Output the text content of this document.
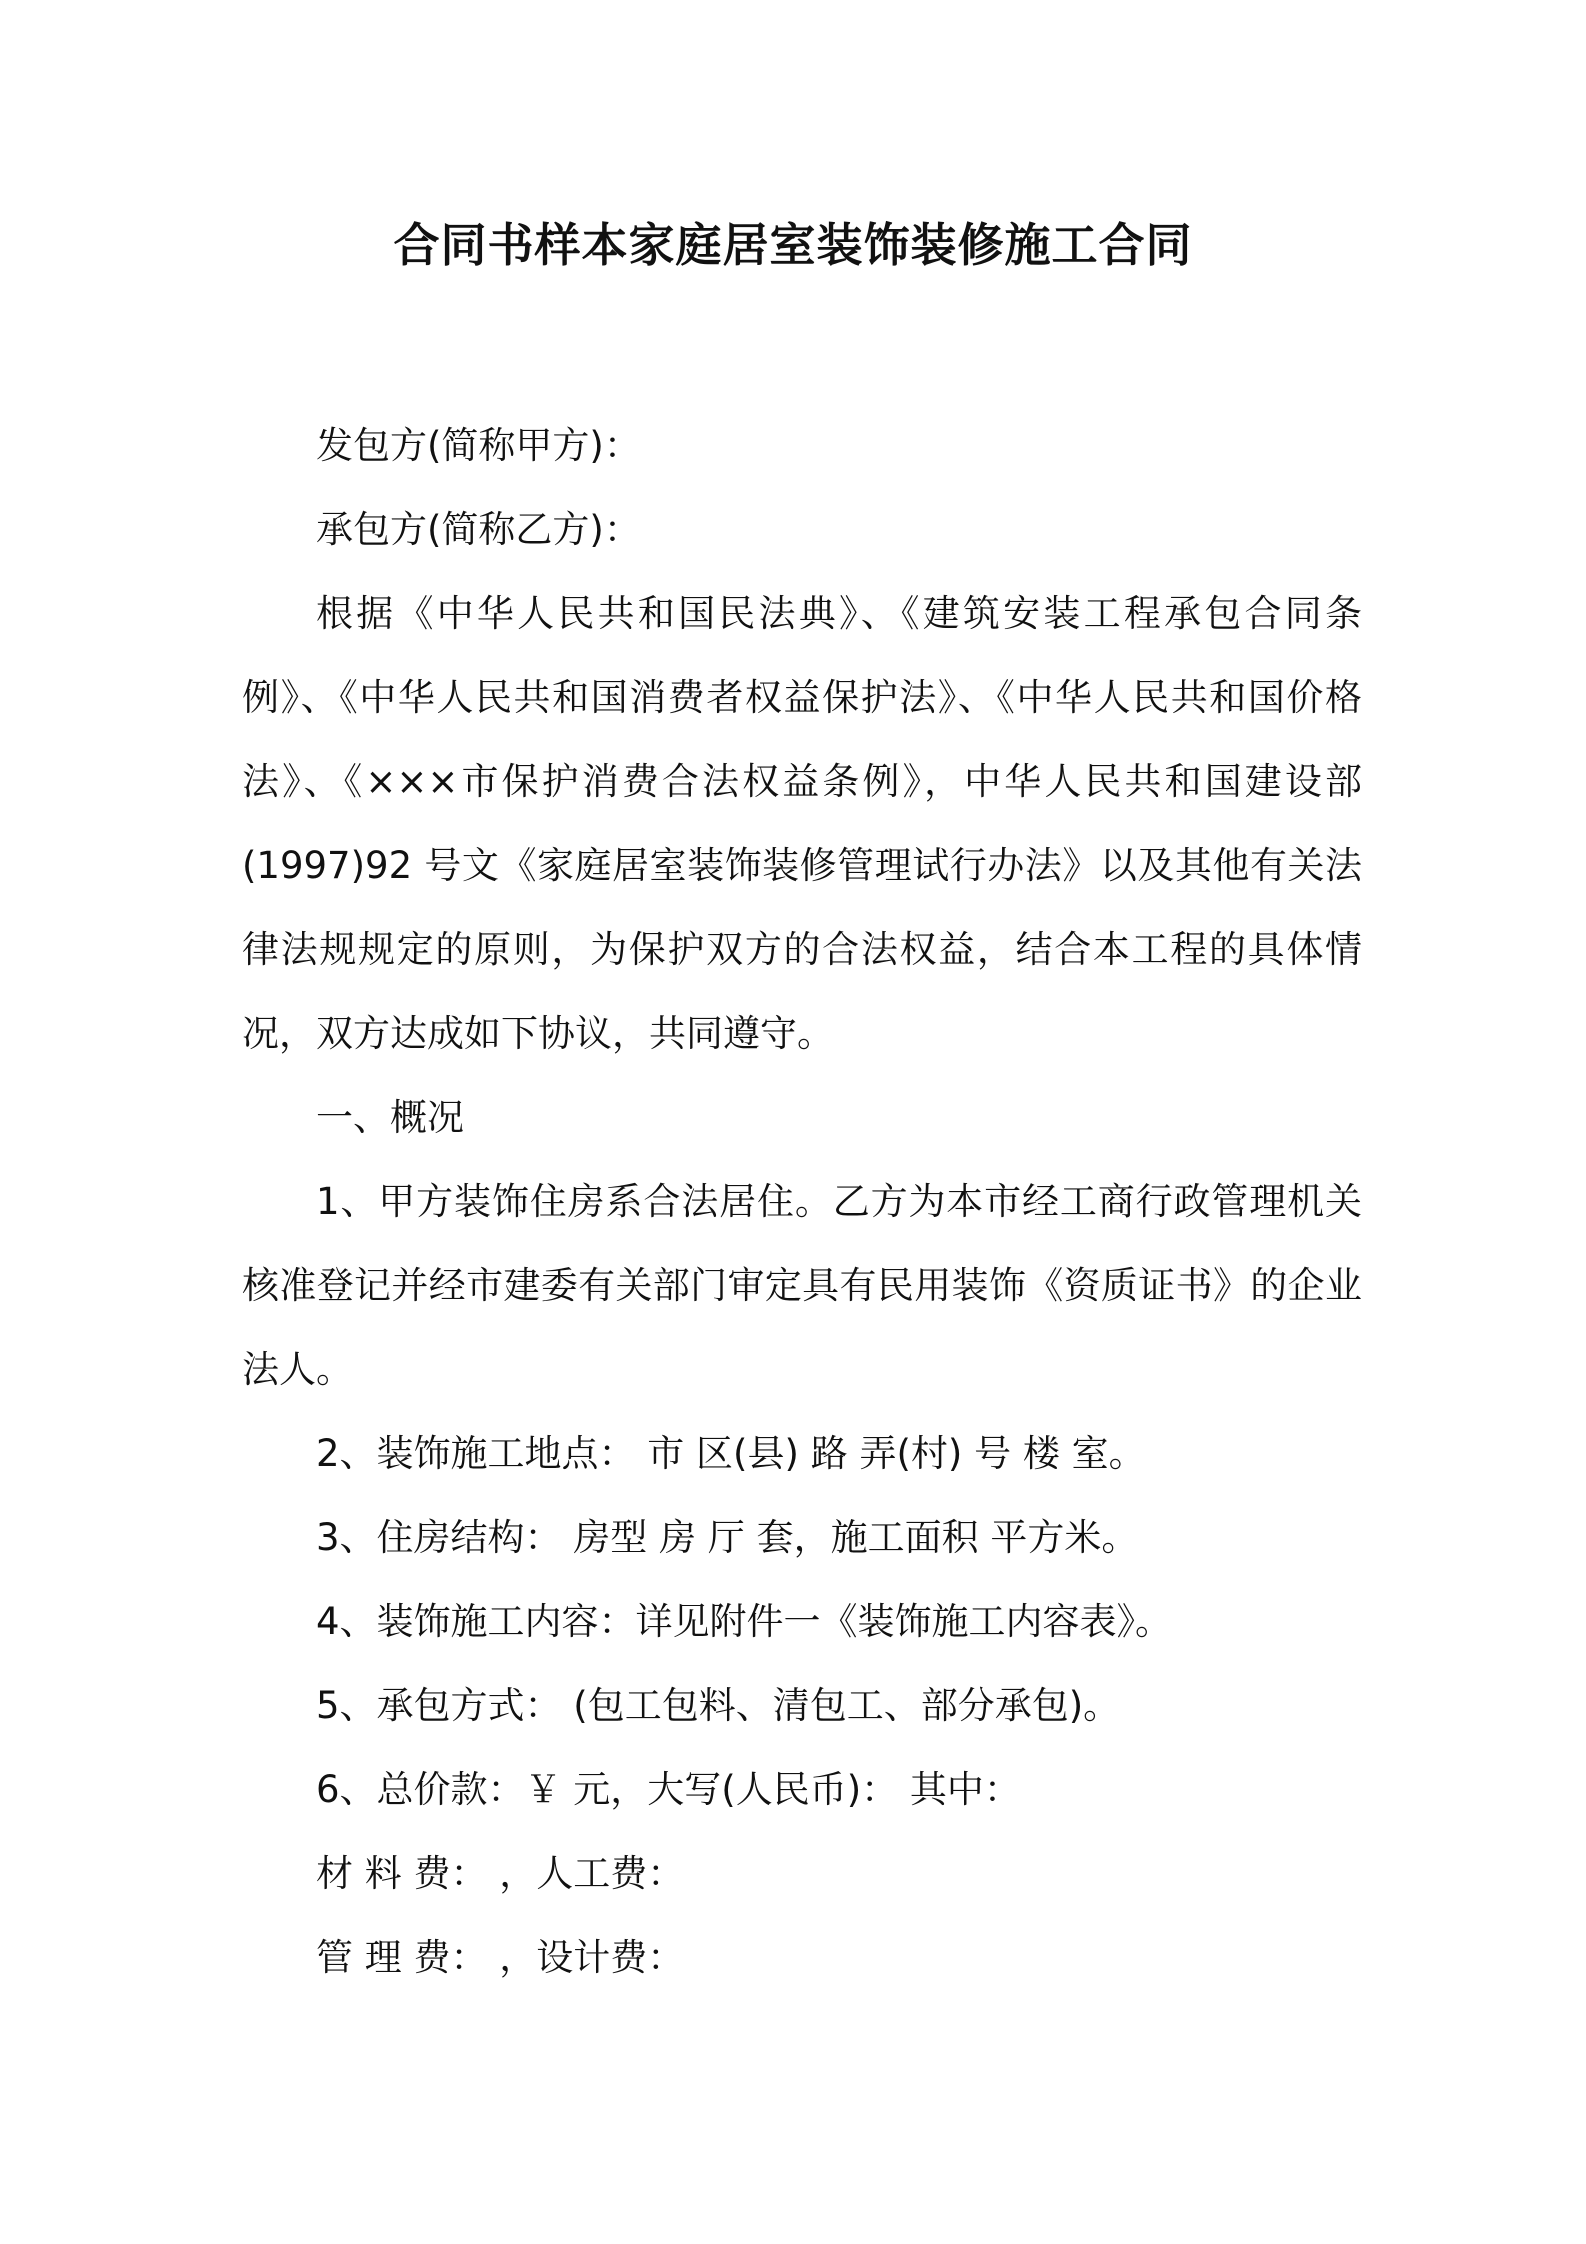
合同书样本家庭居室装饰装修施工合同

发包方(简称甲方)：

承包方(简称乙方)：

根据《中华人民共和国民法典》、《建筑安装工程承包合同条例》、《中华人民共和国消费者权益保护法》、《中华人民共和国价格法》、《×××市保护消费合法权益条例》，中华人民共和国建设部(1997)92 号文《家庭居室装饰装修管理试行办法》以及其他有关法律法规规定的原则，为保护双方的合法权益，结合本工程的具体情况，双方达成如下协议，共同遵守。

一、概况

1、甲方装饰住房系合法居住。乙方为本市经工商行政管理机关核准登记并经市建委有关部门审定具有民用装饰《资质证书》的企业法人。

2、装饰施工地点： 市 区(县) 路 弄(村) 号 楼 室。

3、住房结构： 房型 房 厅 套，施工面积 平方米。

4、装饰施工内容：详见附件一《装饰施工内容表》。

5、承包方式： (包工包料、清包工、部分承包)。

6、总价款：￥ 元，大写(人民币)： 其中：

材 料 费： ，人工费：

管 理 费： ，设计费：
